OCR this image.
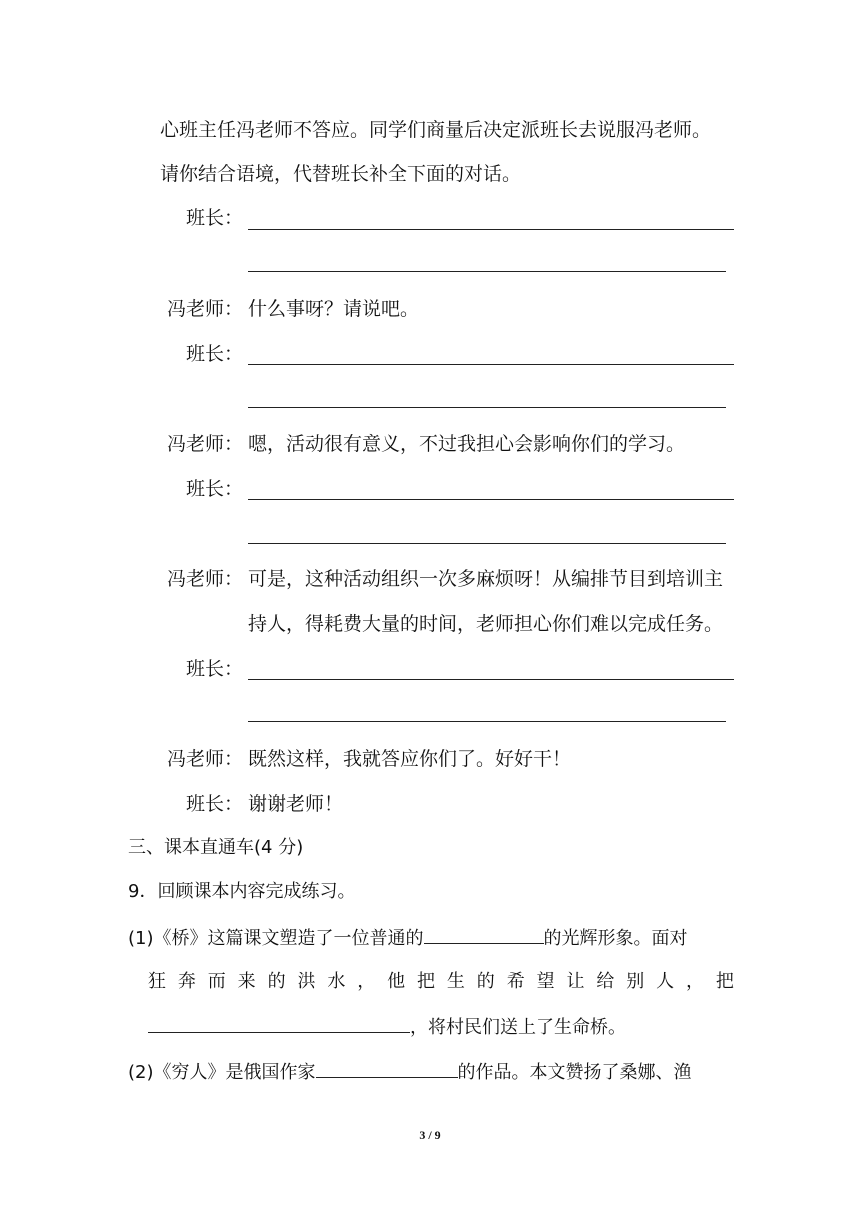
心班主任冯老师不答应。同学们商量后决定派班长去说服冯老师。
请你结合语境，代替班长补全下面的对话。
班长：
冯老师： 什么事呀？请说吧。
班长：
冯老师： 嗯，活动很有意义，不过我担心会影响你们的学习。
班长：
冯老师： 可是，这种活动组织一次多麻烦呀！从编排节目到培训主
持人，得耗费大量的时间，老师担心你们难以完成任务。
班长：
冯老师： 既然这样，我就答应你们了。好好干！
班长： 谢谢老师！
三、课本直通车(4 分)
9．回顾课本内容完成练习。
(1)《桥》这篇课文塑造了一位普通的	的光辉形象。面对
狂 奔 而 来 的 洪 水 ， 他 把 生 的 希 望 让 给 别 人 ， 把
，将村民们送上了生命桥。
(2)《穷人》是俄国作家	的作品。本文赞扬了桑娜、渔
3 / 9
